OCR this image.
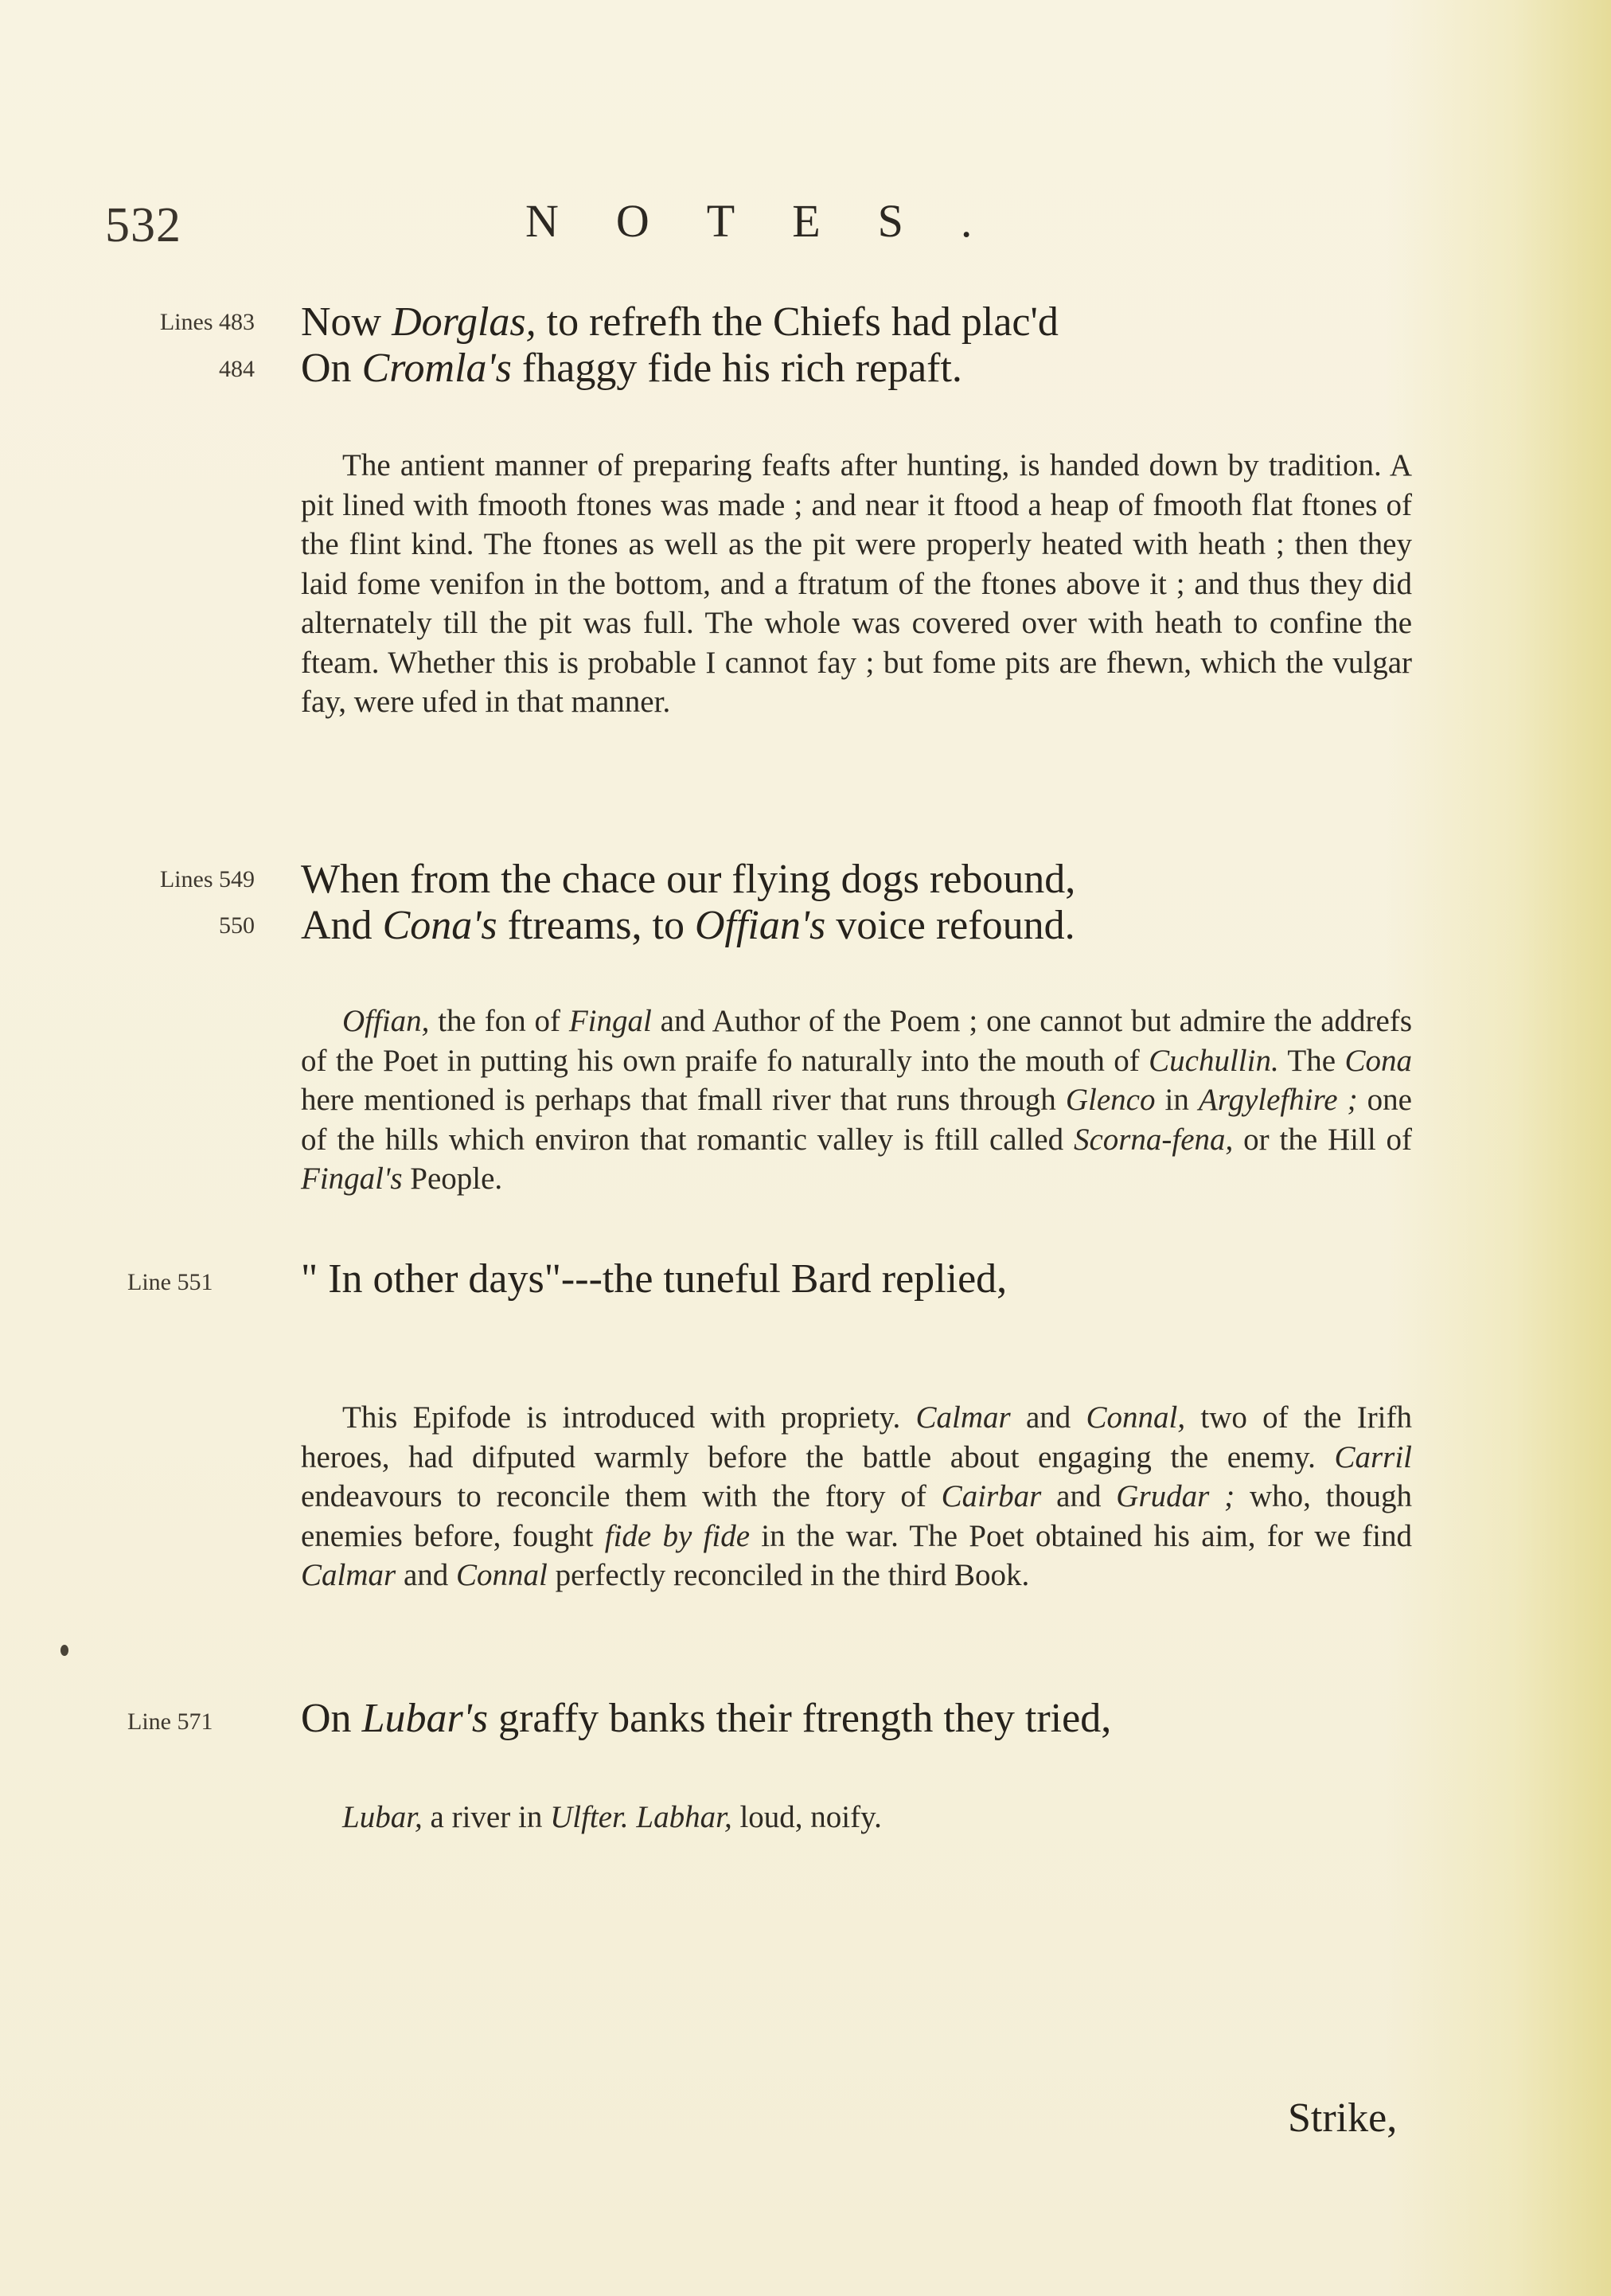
532	NOTES.
Lines 483
484
Now Dorglas, to refrefh the Chiefs had plac'd
On Cromla's fhaggy fide his rich repaft.

The antient manner of preparing feafts after hunting, is handed down by tradition. A pit lined with fmooth ftones was made ; and near it ftood a heap of fmooth flat ftones of the flint kind. The ftones as well as the pit were properly heated with heath ; then they laid fome venifon in the bottom, and a ftratum of the ftones above it ; and thus they did alternately till the pit was full. The whole was covered over with heath to confine the fteam. Whether this is probable I cannot fay ; but fome pits are fhewn, which the vulgar fay, were ufed in that manner.

Lines 549
550
When from the chace our flying dogs rebound,
And Cona's ftreams, to Offian's voice refound.

Offian, the fon of Fingal and Author of the Poem ; one cannot but admire the addrefs of the Poet in putting his own praife fo naturally into the mouth of Cuchullin. The Cona here mentioned is perhaps that fmall river that runs through Glenco in Argylefhire ; one of the hills which environ that romantic valley is ftill called Scorna-fena, or the Hill of Fingal's People.

Line 551 " In other days"---the tuneful Bard replied,

This Epifode is introduced with propriety. Calmar and Connal, two of the Irifh heroes, had difputed warmly before the battle about engaging the enemy. Carril endeavours to reconcile them with the ftory of Cairbar and Grudar ; who, though enemies before, fought fide by fide in the war. The Poet obtained his aim, for we find Calmar and Connal perfectly reconciled in the third Book.

Line 571 On Lubar's graffy banks their ftrength they tried,

Lubar, a river in Ulfter. Labhar, loud, noify.

Strike,
